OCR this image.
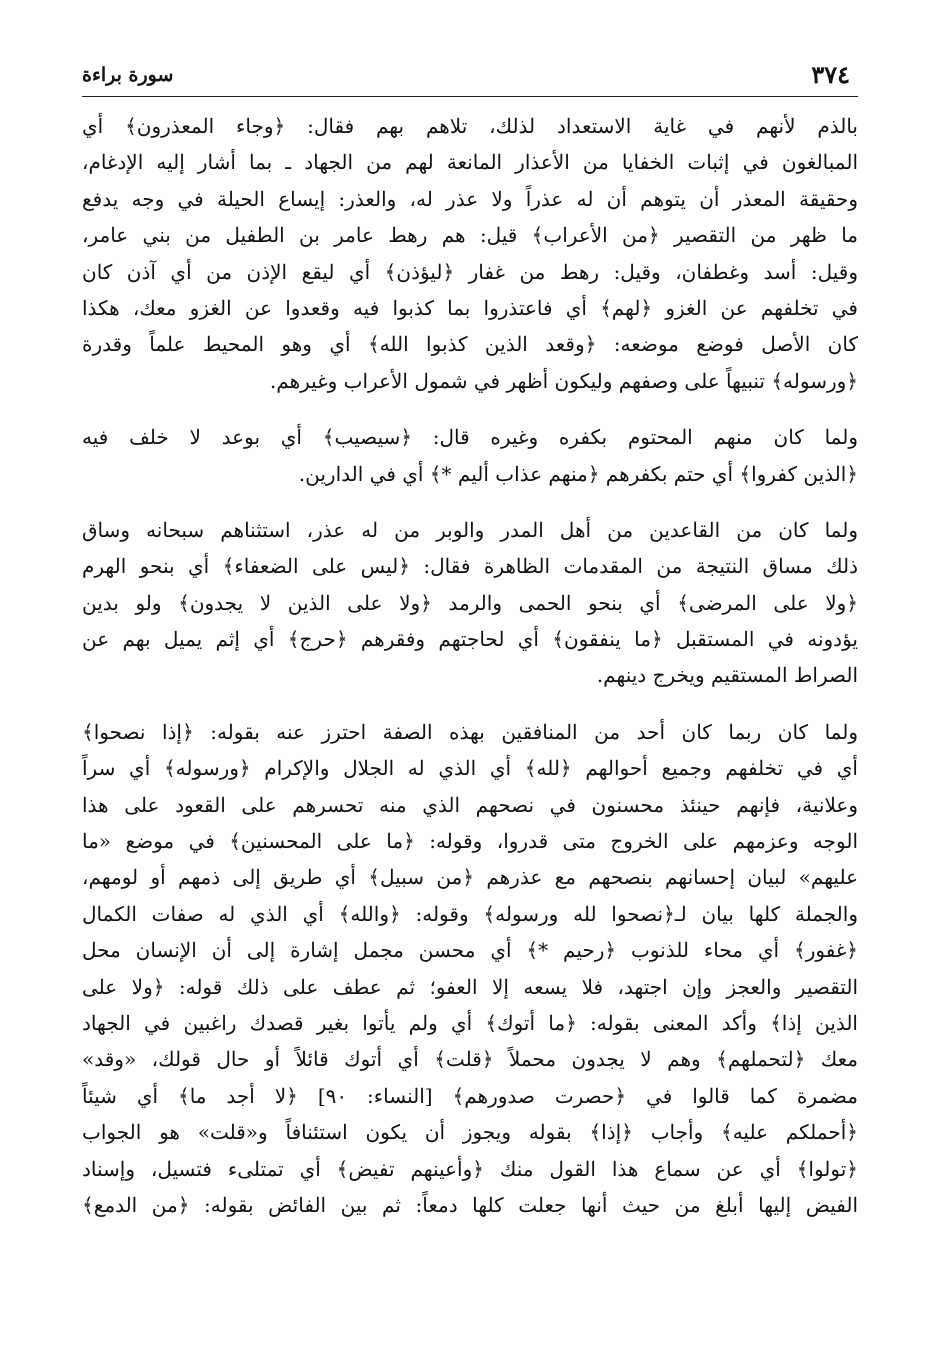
٣٧٤
سورة براءة
بالذم لأنهم في غاية الاستعداد لذلك، تلاهم بهم فقال: ﴿وجاء المعذرون﴾ أي
المبالغون في إثبات الخفايا من الأعذار المانعة لهم من الجهاد ـ بما أشار إليه الإدغام،
وحقيقة المعذر أن يتوهم أن له عذراً ولا عذر له، والعذر: إيساع الحيلة في وجه يدفع
ما ظهر من التقصير ﴿من الأعراب﴾ قيل: هم رهط عامر بن الطفيل من بني عامر،
وقيل: أسد وغطفان، وقيل: رهط من غفار ﴿ليؤذن﴾ أي ليقع الإذن من أي آذن كان
في تخلفهم عن الغزو ﴿لهم﴾ أي فاعتذروا بما كذبوا فيه وقعدوا عن الغزو معك، هكذا
كان الأصل فوضع موضعه: ﴿وقعد الذين كذبوا الله﴾ أي وهو المحيط علماً وقدرة
﴿ورسوله﴾ تنبيهاً على وصفهم وليكون أظهر في شمول الأعراب وغيرهم.
ولما كان منهم المحتوم بكفره وغيره قال: ﴿سيصيب﴾ أي بوعد لا خلف فيه
﴿الذين كفروا﴾ أي حتم بكفرهم ﴿منهم عذاب أليم *﴾ أي في الدارين.
ولما كان من القاعدين من أهل المدر والوبر من له عذر، استثناهم سبحانه وساق
ذلك مساق النتيجة من المقدمات الظاهرة فقال: ﴿ليس على الضعفاء﴾ أي بنحو الهرم
﴿ولا على المرضى﴾ أي بنحو الحمى والرمد ﴿ولا على الذين لا يجدون﴾ ولو بدين
يؤدونه في المستقبل ﴿ما ينفقون﴾ أي لحاجتهم وفقرهم ﴿حرج﴾ أي إثم يميل بهم عن
الصراط المستقيم ويخرج دينهم.
ولما كان ربما كان أحد من المنافقين بهذه الصفة احترز عنه بقوله: ﴿إذا نصحوا﴾
أي في تخلفهم وجميع أحوالهم ﴿لله﴾ أي الذي له الجلال والإكرام ﴿ورسوله﴾ أي سراً
وعلانية، فإنهم حينئذ محسنون في نصحهم الذي منه تحسرهم على القعود على هذا
الوجه وعزمهم على الخروج متى قدروا، وقوله: ﴿ما على المحسنين﴾ في موضع «ما
عليهم» لبيان إحسانهم بنصحهم مع عذرهم ﴿من سبيل﴾ أي طريق إلى ذمهم أو لومهم،
والجملة كلها بيان لـ﴿نصحوا لله ورسوله﴾ وقوله: ﴿والله﴾ أي الذي له صفات الكمال
﴿غفور﴾ أي محاء للذنوب ﴿رحيم *﴾ أي محسن مجمل إشارة إلى أن الإنسان محل
التقصير والعجز وإن اجتهد، فلا يسعه إلا العفو؛ ثم عطف على ذلك قوله: ﴿ولا على
الذين إذا﴾ وأكد المعنى بقوله: ﴿ما أتوك﴾ أي ولم يأتوا بغير قصدك راغبين في الجهاد
معك ﴿لتحملهم﴾ وهم لا يجدون محملاً ﴿قلت﴾ أي أتوك قائلاً أو حال قولك، «وقد»
مضمرة كما قالوا في ﴿حصرت صدورهم﴾ [النساء: ٩٠] ﴿لا أجد ما﴾ أي شيئاً
﴿أحملكم عليه﴾ وأجاب ﴿إذا﴾ بقوله ويجوز أن يكون استئنافاً و«قلت» هو الجواب
﴿تولوا﴾ أي عن سماع هذا القول منك ﴿وأعينهم تفيض﴾ أي تمتلىء فتسيل، وإسناد
الفيض إليها أبلغ من حيث أنها جعلت كلها دمعاً: ثم بين الفائض بقوله: ﴿من الدمع﴾
